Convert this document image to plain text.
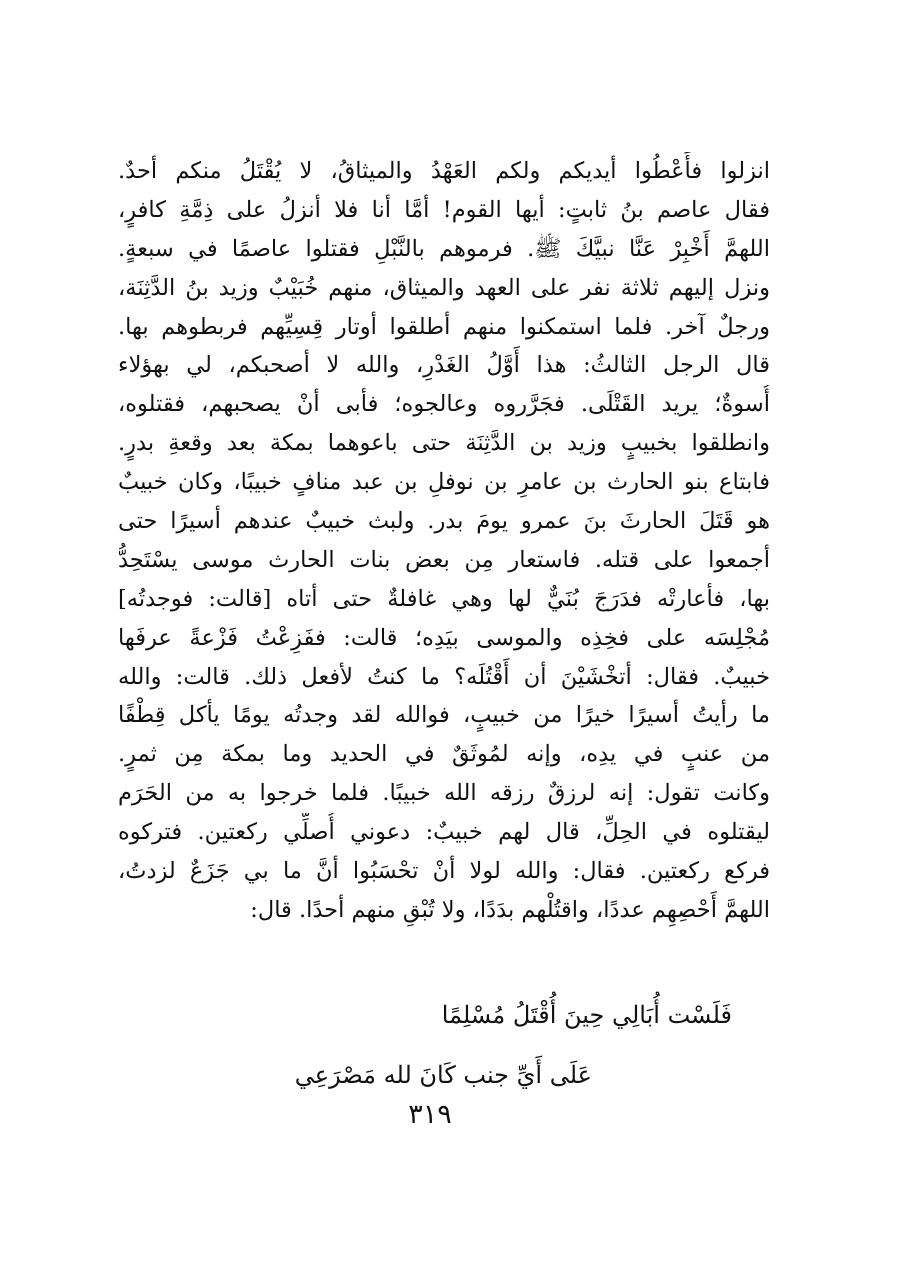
انزلوا فأَعْطُوا أيديكم ولكم العَهْدُ والميثاقُ، لا يُقْتَلُ منكم أحدٌ.
فقال عاصم بنُ ثابتٍ: أيها القوم! أمَّا أنا فلا أنزلُ على ذِمَّةِ كافرٍ،
اللهمَّ أَخْبِرْ عَنَّا نبيَّكَ ﷺ. فرموهم بالنَّبْلِ فقتلوا عاصمًا في سبعةٍ.
ونزل إليهم ثلاثة نفر على العهد والميثاق، منهم خُبَيْبٌ وزيد بنُ الدَّثِنَة،
ورجلٌ آخر. فلما استمكنوا منهم أطلقوا أوتار قِسِيِّهم فربطوهم بها.
قال الرجل الثالثُ: هذا أَوَّلُ الغَدْرِ، والله لا أصحبكم، لي بهؤلاء
أُسوةٌ؛ يريد القَتْلَى. فجَرَّروه وعالجوه؛ فأبى أنْ يصحبهم، فقتلوه،
وانطلقوا بخبيبٍ وزيد بن الدَّثِنَة حتى باعوهما بمكة بعد وقعةِ بدرٍ.
فابتاع بنو الحارث بن عامرِ بن نوفلِ بن عبد منافٍ خبيبًا، وكان خبيبٌ
هو قَتَلَ الحارثَ بنَ عمرو يومَ بدر. ولبث خبيبٌ عندهم أسيرًا حتى
أجمعوا على قتله. فاستعار مِن بعض بنات الحارث موسى يسْتَحِدُّ
بها، فأعارتْه فدَرَجَ بُنَيٌّ لها وهي غافلةٌ حتى أتاه [قالت: فوجدتُه]
مُجْلِسَه على فخِذِه والموسى بيَدِه؛ قالت: ففَزِعْتُ فَزْعةً عرفَها
خبيبٌ. فقال: أتخْشَيْنَ أن أَقْتُلَه؟ ما كنتُ لأفعل ذلك. قالت: والله
ما رأيتُ أسيرًا خيرًا من خبيبٍ، فوالله لقد وجدتُه يومًا يأكل قِطْفًا
من عنبٍ في يدِه، وإنه لمُوثَقٌ في الحديد وما بمكة مِن ثمرٍ.
وكانت تقول: إنه لرزقٌ رزقه الله خبيبًا. فلما خرجوا به من الحَرَم
ليقتلوه في الحِلِّ، قال لهم خبيبٌ: دعوني أُصلِّي ركعتين. فتركوه
فركع ركعتين. فقال: والله لولا أنْ تحْسَبُوا أنَّ ما بي جَزَعٌ لزدتُ،
اللهمَّ أَحْصِهِم عددًا، واقتُلْهم بدَدًا، ولا تُبْقِ منهم أحدًا. قال:
فَلَسْت أُبَالِي حِينَ أُقْتَلُ مُسْلِمًا
عَلَى أَيِّ جنب كَانَ لله مَصْرَعِي
٣١٩
